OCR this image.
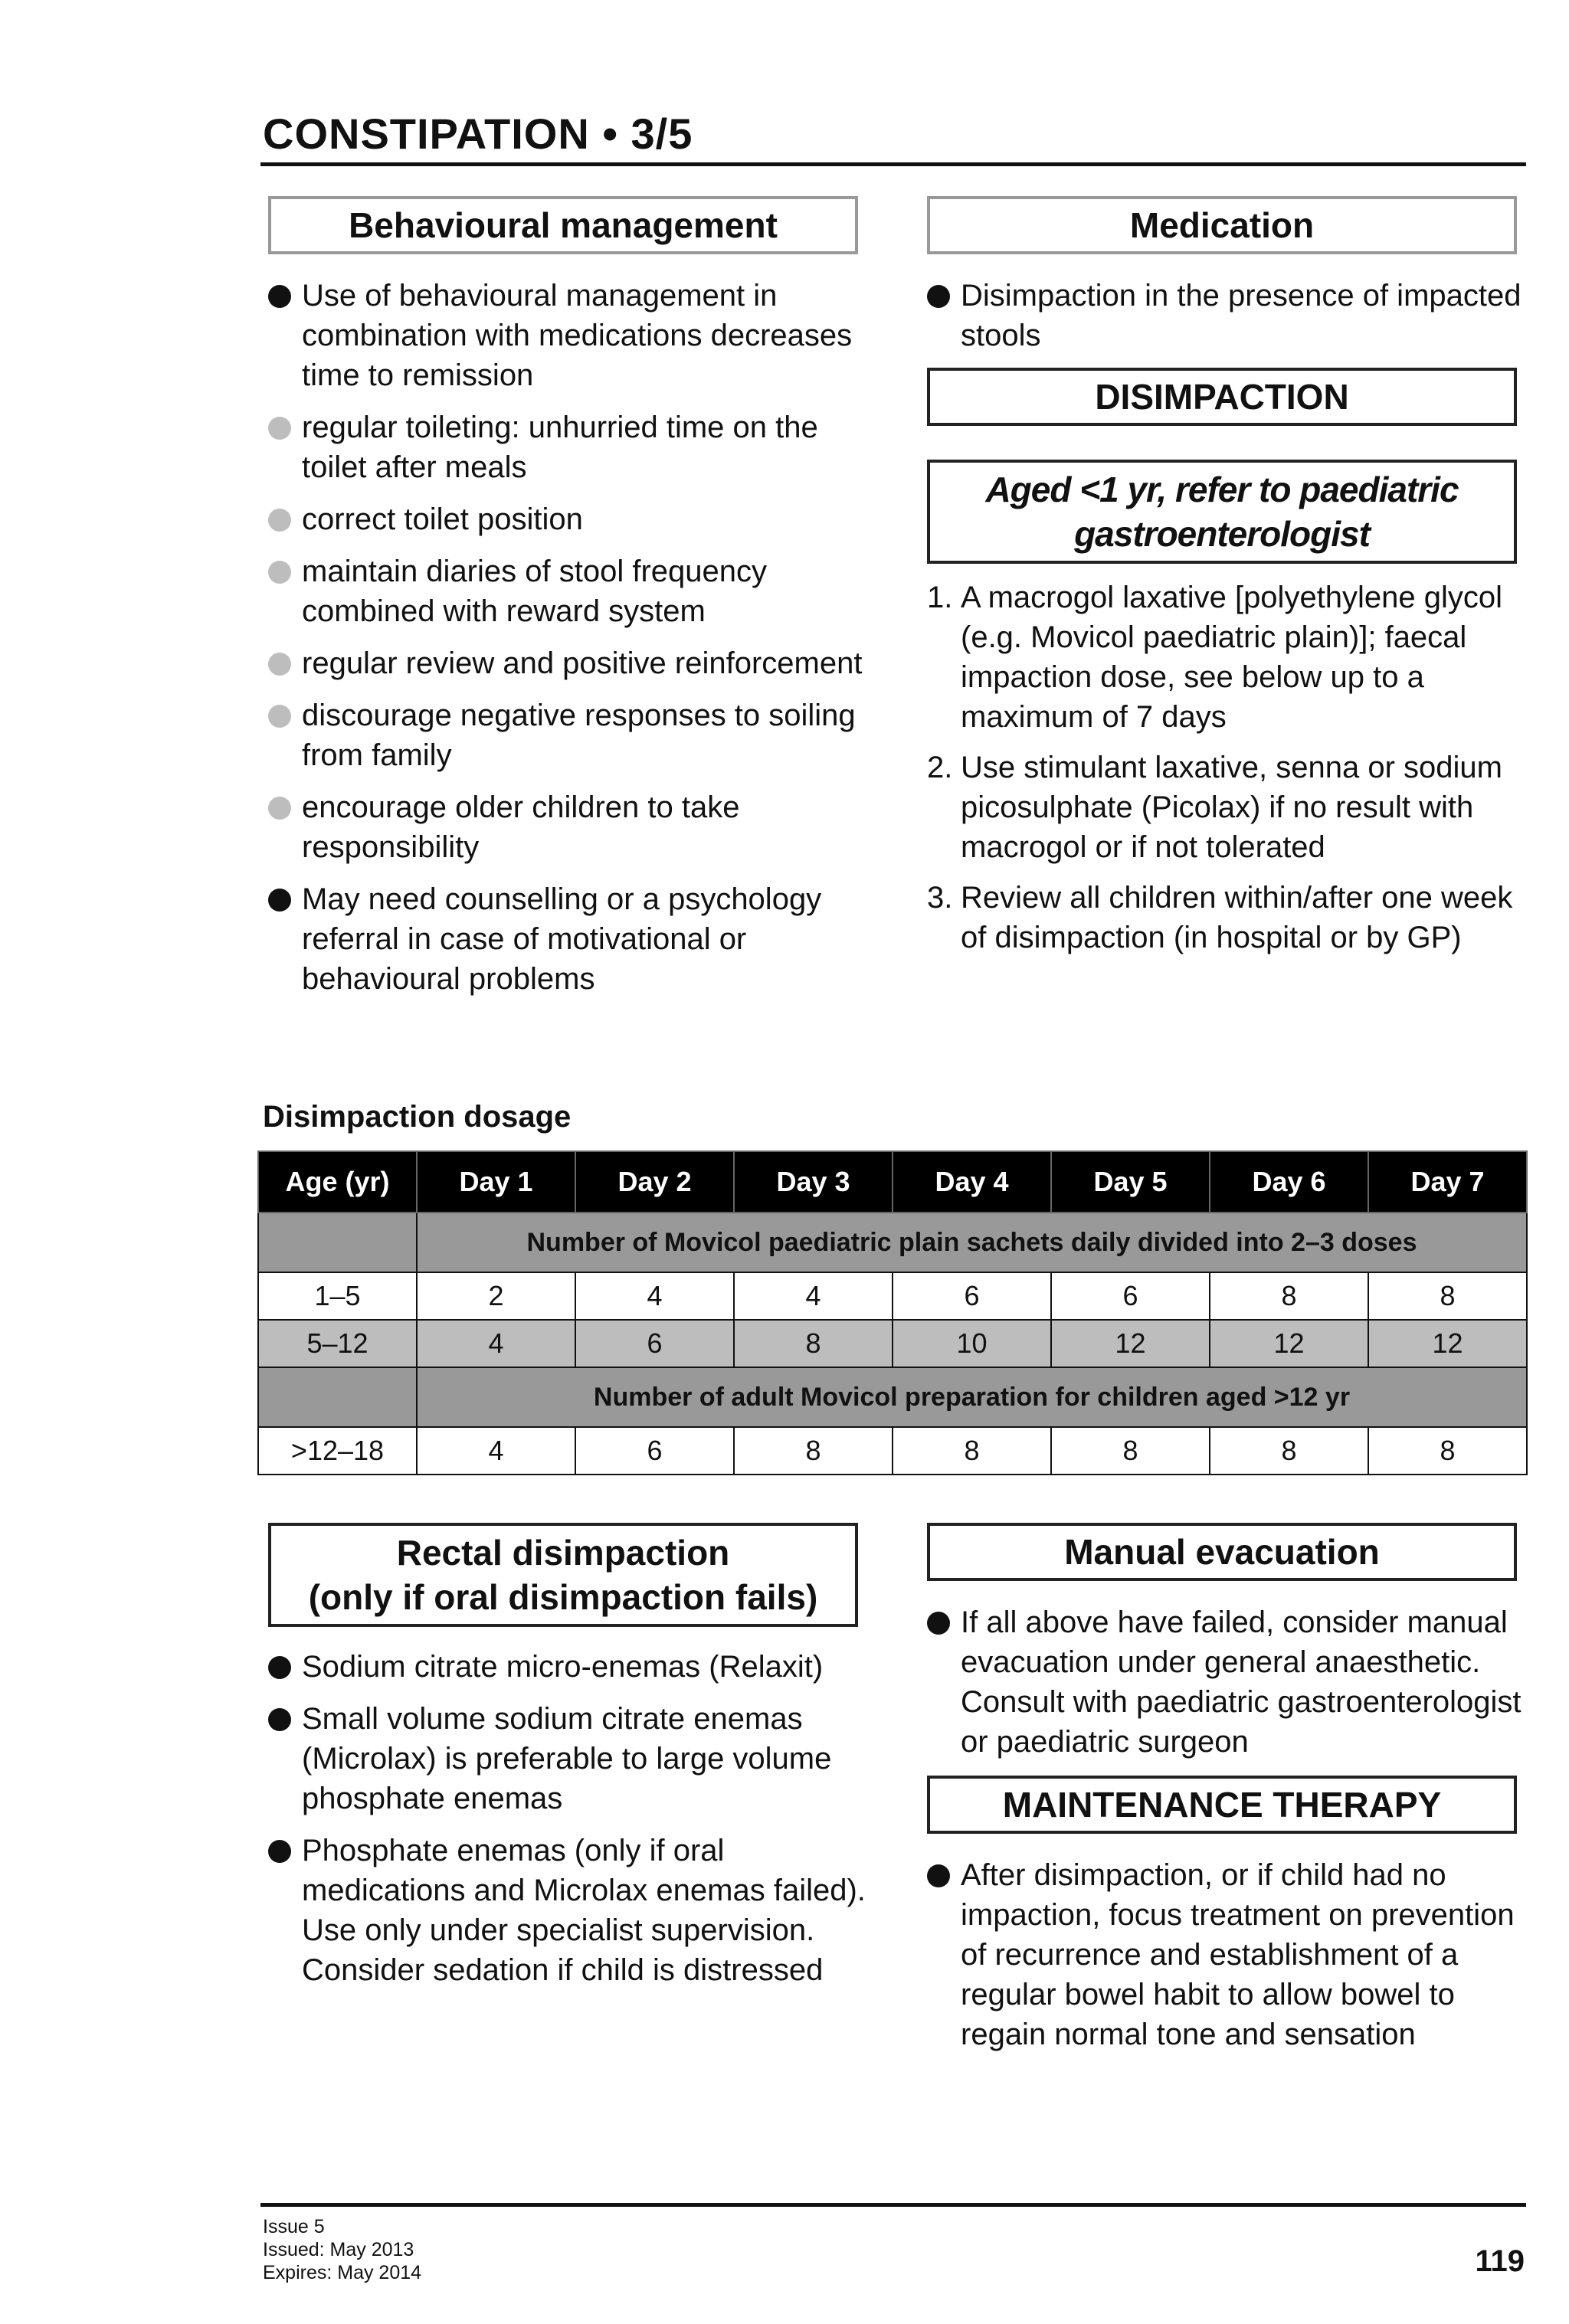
CONSTIPATION • 3/5
Behavioural management
Use of behavioural management in combination with medications decreases time to remission
regular toileting: unhurried time on the toilet after meals
correct toilet position
maintain diaries of stool frequency combined with reward system
regular review and positive reinforcement
discourage negative responses to soiling from family
encourage older children to take responsibility
May need counselling or a psychology referral in case of motivational or behavioural problems
Medication
Disimpaction in the presence of impacted stools
DISIMPACTION
Aged <1 yr, refer to paediatric gastroenterologist
1. A macrogol laxative [polyethylene glycol (e.g. Movicol paediatric plain)]; faecal impaction dose, see below up to a maximum of 7 days
2. Use stimulant laxative, senna or sodium picosulphate (Picolax) if no result with macrogol or if not tolerated
3. Review all children within/after one week of disimpaction (in hospital or by GP)
Disimpaction dosage
Age (yr)	Day 1	Day 2	Day 3	Day 4	Day 5	Day 6	Day 7
	Number of Movicol paediatric plain sachets daily divided into 2–3 doses						
1–5	2	4	4	6	6	8	8
5–12	4	6	8	10	12	12	12
	Number of adult Movicol preparation for children aged >12 yr						
>12–18	4	6	8	8	8	8	8
Rectal disimpaction
(only if oral disimpaction fails)
Sodium citrate micro-enemas (Relaxit)
Small volume sodium citrate enemas (Microlax) is preferable to large volume phosphate enemas
Phosphate enemas (only if oral medications and Microlax enemas failed). Use only under specialist supervision. Consider sedation if child is distressed
Manual evacuation
If all above have failed, consider manual evacuation under general anaesthetic. Consult with paediatric gastroenterologist or paediatric surgeon
MAINTENANCE THERAPY
After disimpaction, or if child had no impaction, focus treatment on prevention of recurrence and establishment of a regular bowel habit to allow bowel to regain normal tone and sensation
Issue 5
Issued: May 2013
Expires: May 2014	119
